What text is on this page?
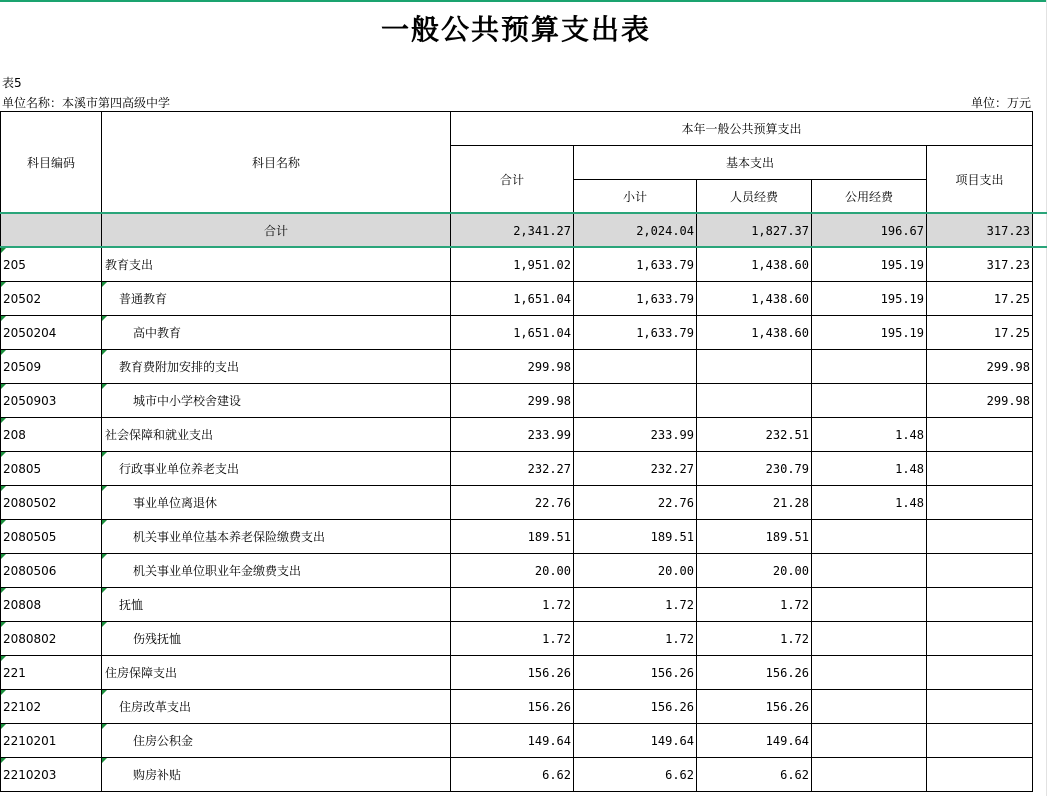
一般公共预算支出表
表5
单位名称：本溪市第四高级中学	单位：万元
科目编码	科目名称	本年一般公共预算支出				
		合计	基本支出			项目支出
			小计	人员经费	公用经费	
	合计	2,341.27	2,024.04	1,827.37	196.67	317.23
205	教育支出	1,951.02	1,633.79	1,438.60	195.19	317.23
20502	普通教育	1,651.04	1,633.79	1,438.60	195.19	17.25
2050204	高中教育	1,651.04	1,633.79	1,438.60	195.19	17.25
20509	教育费附加安排的支出	299.98				299.98
2050903	城市中小学校舍建设	299.98				299.98
208	社会保障和就业支出	233.99	233.99	232.51	1.48	
20805	行政事业单位养老支出	232.27	232.27	230.79	1.48	
2080502	事业单位离退休	22.76	22.76	21.28	1.48	
2080505	机关事业单位基本养老保险缴费支出	189.51	189.51	189.51		
2080506	机关事业单位职业年金缴费支出	20.00	20.00	20.00		
20808	抚恤	1.72	1.72	1.72		
2080802	伤残抚恤	1.72	1.72	1.72		
221	住房保障支出	156.26	156.26	156.26		
22102	住房改革支出	156.26	156.26	156.26		
2210201	住房公积金	149.64	149.64	149.64		
2210203	购房补贴	6.62	6.62	6.62		
